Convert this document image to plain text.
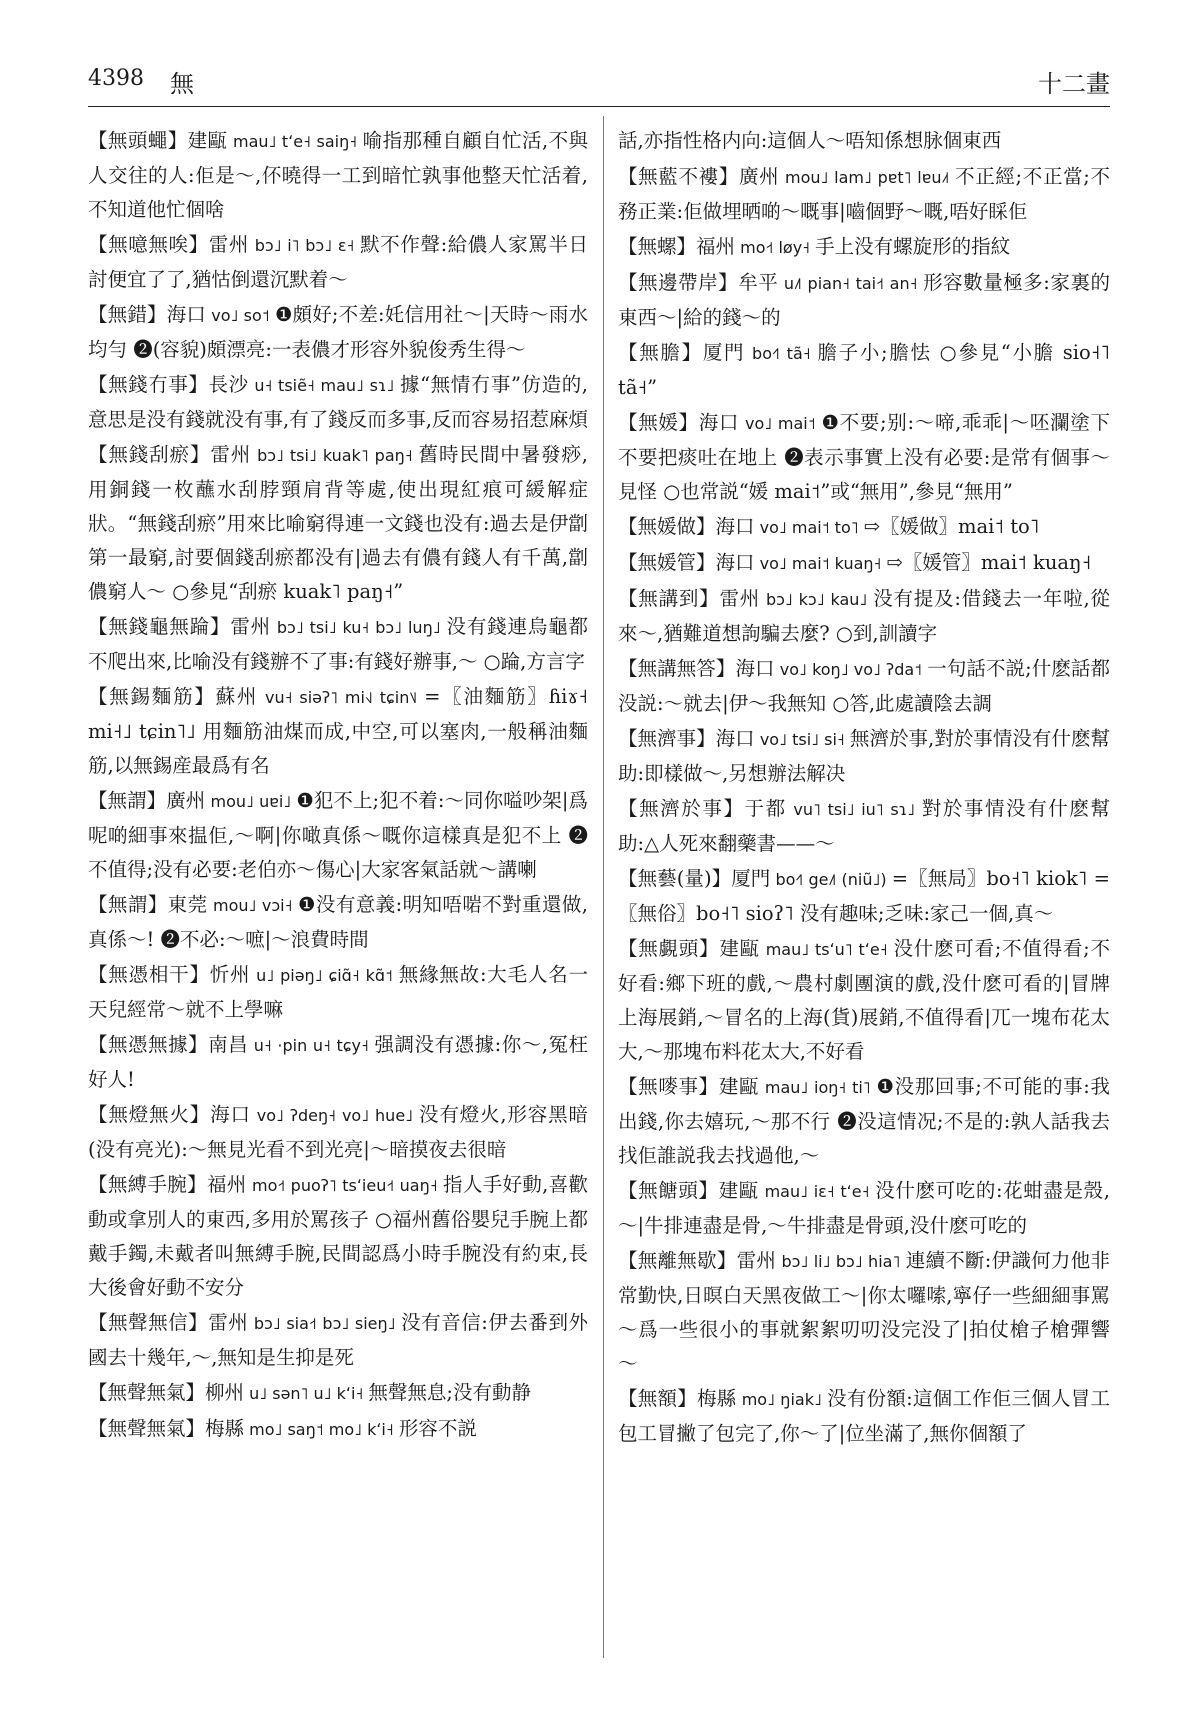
4398 無	十二畫
【無頭蠅】建甌 mau˩ tʻe˧ saiŋ˧ 喻指那種自顧自忙活,不與人交往的人:佢是～,伓曉得一工到暗忙孰事他整天忙活着,不知道他忙個啥
【無噫無唉】雷州 bɔ˩ i˥ bɔ˩ ɛ˧ 默不作聲:給儂人家罵半日討便宜了了,猶怙倒還沉默着～
【無錯】海口 vo˩ so˦ ❶頗好;不差:奼信用社～|天時～雨水均勻 ❷(容貌)頗漂亮:一表儂才形容外貌俊秀生得～
【無錢冇事】長沙 u˧ tsiẽ˧ mau˩ sɿ˩ 據“無情冇事”仿造的,意思是没有錢就没有事,有了錢反而多事,反而容易招惹麻煩
【無錢刮瘀】雷州 bɔ˩ tsi˩ kuak˥ paŋ˧ 舊時民間中暑發痧,用銅錢一枚蘸水刮脖頸肩背等處,使出現紅痕可緩解症狀。“無錢刮瘀”用來比喻窮得連一文錢也没有:過去是伊劏第一最窮,討要個錢刮瘀都没有|過去有儂有錢人有千萬,劏儂窮人～ ○參見“刮瘀 kuak˥ paŋ˧”
【無錢龜無踚】雷州 bɔ˩ tsi˩ ku˧ bɔ˩ luŋ˩ 没有錢連烏龜都不爬出來,比喻没有錢辦不了事:有錢好辦事,～ ○踚,方言字
【無錫麵筋】蘇州 vu˧ siəʔ˥ mi˧˩ tɕin˥˩ =〖油麵筋〗ɦiɤ˧ mi˧˩ tɕin˥˩ 用麵筋油煤而成,中空,可以塞肉,一般稱油麵筋,以無錫産最爲有名
【無謂】廣州 mou˩ uɐi˩ ❶犯不上;犯不着:～同你嗌吵架|爲呢啲細事來揾佢,～啊|你噉真係～嘅你這樣真是犯不上 ❷不值得;没有必要:老伯亦～傷心|大家客氣話就～講喇
【無謂】東莞 mou˩ vɔi˧ ❶没有意義:明知唔啱不對重還做,真係～! ❷不必:～嗻|～浪費時間
【無憑相干】忻州 u˩ piəŋ˩ ɕiɑ̃˧ kɑ̃˦ 無緣無故:大毛人名一天兒經常～就不上學嘛
【無憑無據】南昌 u˧ ·pin u˧ tɕy˧ 强調没有憑據:你～,冤枉好人!
【無燈無火】海口 vo˩ ʔdeŋ˧ vo˩ hue˩ 没有燈火,形容黑暗(没有亮光):～無見光看不到光亮|～暗摸夜去很暗
【無縛手腕】福州 mo˧˦ puoʔ˥ tsʻieu˧˦ uaŋ˧ 指人手好動,喜歡動或拿別人的東西,多用於罵孩子 ○福州舊俗嬰兒手腕上都戴手鐲,未戴者叫無縛手腕,民間認爲小時手腕没有約束,長大後會好動不安分
【無聲無信】雷州 bɔ˩ sia˧˦ bɔ˩ sieŋ˩ 没有音信:伊去番到外國去十幾年,～,無知是生抑是死
【無聲無氣】柳州 u˩ sən˥ u˩ kʻi˧ 無聲無息;没有動静
【無聲無氣】梅縣 mo˩ saŋ˦ mo˩ kʻi˧ 形容不説
話,亦指性格内向:這個人～唔知係想脉個東西
【無藍不褸】廣州 mou˩ lam˩ pɐt˥ lɐu˩˦ 不正經;不正當;不務正業:佢做埋晒啲～嘅事|嚙個野～嘅,唔好睬佢
【無螺】福州 mo˧˦ løy˧ 手上没有螺旋形的指紋
【無邊帶岸】牟平 u˩˥ pian˧ tai˧˦ an˧ 形容數量極多:家裏的東西～|給的錢～的
【無膽】厦門 bo˧˥ tã˧ 膽子小;膽怯 ○參見“小膽 sio˧˥ tã˧”
【無媛】海口 vo˩ mai˦ ❶不要;别:～啼,乖乖|～呸瀾塗下不要把痰吐在地上 ❷表示事實上没有必要:是常有個事～見怪 ○也常説“媛 mai˦”或“無用”,參見“無用”
【無媛做】海口 vo˩ mai˦ to˥ ⇨〖媛做〗mai˦ to˥
【無媛管】海口 vo˩ mai˦ kuaŋ˧ ⇨〖媛管〗mai˦ kuaŋ˧
【無講到】雷州 bɔ˩ kɔ˩ kau˩ 没有提及:借錢去一年啦,從來～,猶難道想訽騙去麼? ○到,訓讀字
【無講無答】海口 vo˩ koŋ˩ vo˩ ʔda˦ 一句話不説;什麽話都没説:～就去|伊～我無知 ○答,此處讀陰去調
【無濟事】海口 vo˩ tsi˩ si˧ 無濟於事,對於事情没有什麽幫助:即樣做～,另想辦法解决
【無濟於事】于都 vu˥ tsi˩ iu˥ sɿ˩ 對於事情没有什麽幫助:△人死來翻藥書——～
【無藝(量)】厦門 bo˧˥ ge˩˥ (niũ˩) =〖無局〗bo˧˥ kiok˥ =〖無俗〗bo˧˥ sioʔ˥ 没有趣味;乏味:家己一個,真～
【無覷頭】建甌 mau˩ tsʻu˥ tʻe˧ 没什麽可看;不值得看;不好看:鄉下班的戲,～農村劇團演的戲,没什麽可看的|冒牌上海展銷,～冒名的上海(貨)展銷,不值得看|兀一塊布花太大,～那塊布料花太大,不好看
【無嘜事】建甌 mau˩ ioŋ˧ ti˥ ❶没那回事;不可能的事:我出錢,你去嬉玩,～那不行 ❷没這情况;不是的:孰人話我去找佢誰説我去找過他,～
【無餹頭】建甌 mau˩ iɛ˧ tʻe˧ 没什麽可吃的:花蚶盡是殼,～|牛排連盡是骨,～牛排盡是骨頭,没什麽可吃的
【無離無歇】雷州 bɔ˩ li˩ bɔ˩ hia˥ 連續不斷:伊識何力他非常勤快,日暝白天黑夜做工～|你太囉嗦,寧仔一些細細事罵～爲一些很小的事就絮絮叨叨没完没了|拍仗槍子槍彈響～
【無額】梅縣 mo˩ ŋiak˩ 没有份額:這個工作佢三個人冒工包工冒撇了包完了,你～了|位坐滿了,無你個額了
